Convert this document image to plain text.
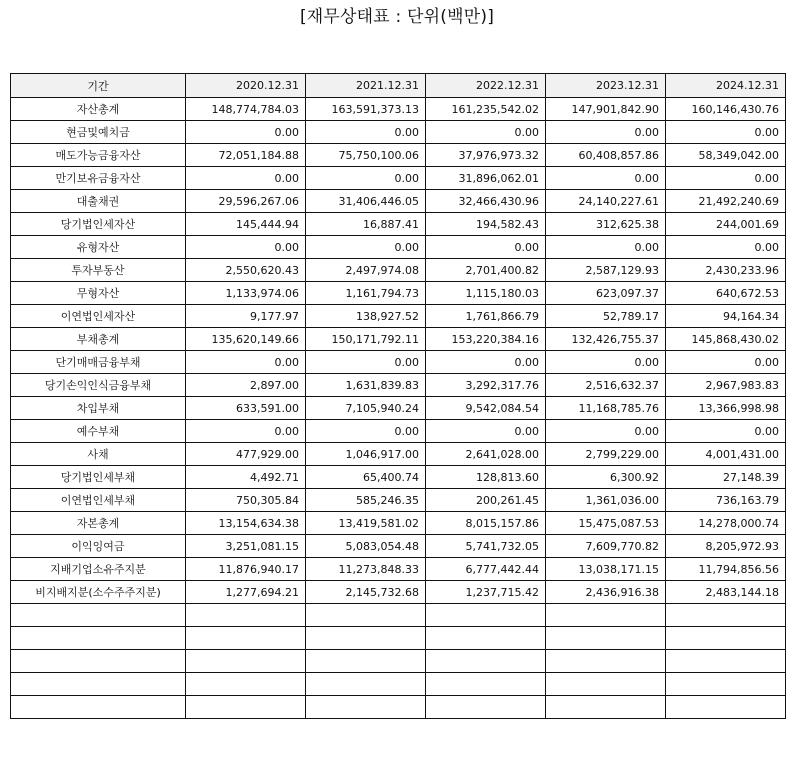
[재무상태표 : 단위(백만)]
기간	2020.12.31	2021.12.31	2022.12.31	2023.12.31	2024.12.31
자산총계	148,774,784.03	163,591,373.13	161,235,542.02	147,901,842.90	160,146,430.76
현금및예치금	0.00	0.00	0.00	0.00	0.00
매도가능금융자산	72,051,184.88	75,750,100.06	37,976,973.32	60,408,857.86	58,349,042.00
만기보유금융자산	0.00	0.00	31,896,062.01	0.00	0.00
대출채권	29,596,267.06	31,406,446.05	32,466,430.96	24,140,227.61	21,492,240.69
당기법인세자산	145,444.94	16,887.41	194,582.43	312,625.38	244,001.69
유형자산	0.00	0.00	0.00	0.00	0.00
투자부동산	2,550,620.43	2,497,974.08	2,701,400.82	2,587,129.93	2,430,233.96
무형자산	1,133,974.06	1,161,794.73	1,115,180.03	623,097.37	640,672.53
이연법인세자산	9,177.97	138,927.52	1,761,866.79	52,789.17	94,164.34
부채총계	135,620,149.66	150,171,792.11	153,220,384.16	132,426,755.37	145,868,430.02
단기매매금융부채	0.00	0.00	0.00	0.00	0.00
당기손익인식금융부채	2,897.00	1,631,839.83	3,292,317.76	2,516,632.37	2,967,983.83
차입부채	633,591.00	7,105,940.24	9,542,084.54	11,168,785.76	13,366,998.98
예수부채	0.00	0.00	0.00	0.00	0.00
사채	477,929.00	1,046,917.00	2,641,028.00	2,799,229.00	4,001,431.00
당기법인세부채	4,492.71	65,400.74	128,813.60	6,300.92	27,148.39
이연법인세부채	750,305.84	585,246.35	200,261.45	1,361,036.00	736,163.79
자본총계	13,154,634.38	13,419,581.02	8,015,157.86	15,475,087.53	14,278,000.74
이익잉여금	3,251,081.15	5,083,054.48	5,741,732.05	7,609,770.82	8,205,972.93
지배기업소유주지분	11,876,940.17	11,273,848.33	6,777,442.44	13,038,171.15	11,794,856.56
비지배지분(소수주주지분)	1,277,694.21	2,145,732.68	1,237,715.42	2,436,916.38	2,483,144.18
